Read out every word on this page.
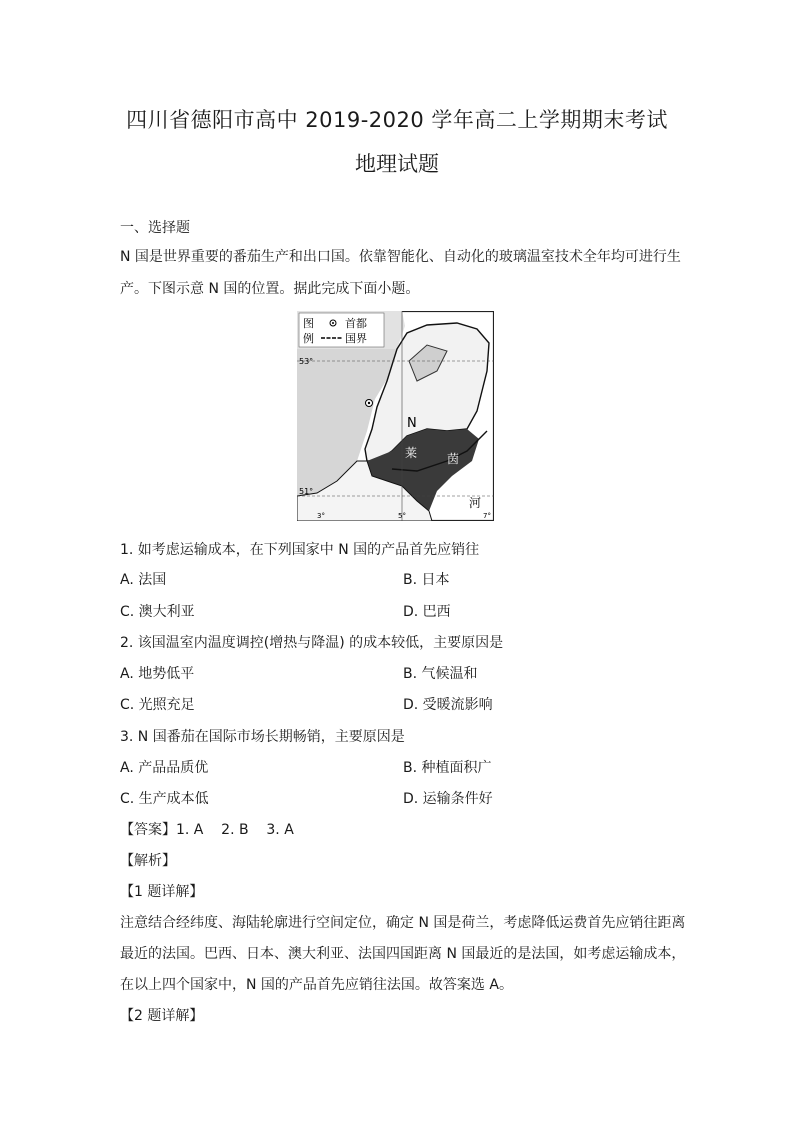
四川省德阳市高中 2019-2020 学年高二上学期期末考试
地理试题
一、选择题
N 国是世界重要的番茄生产和出口国。依靠智能化、自动化的玻璃温室技术全年均可进行生
产。下图示意 N 国的位置。据此完成下面小题。
图
例
首都
国界
53°
51°
3°	5°	7°
N
莱 茵
河
1. 如考虑运输成本，在下列国家中 N 国的产品首先应销往
A. 法国	B. 日本
C. 澳大利亚	D. 巴西
2. 该国温室内温度调控(增热与降温) 的成本较低，主要原因是
A. 地势低平	B. 气候温和
C. 光照充足	D. 受暖流影响
3. N 国番茄在国际市场长期畅销，主要原因是
A. 产品品质优	B. 种植面积广
C. 生产成本低	D. 运输条件好
【答案】1. A    2. B    3. A
【解析】
【1 题详解】
注意结合经纬度、海陆轮廓进行空间定位，确定 N 国是荷兰，考虑降低运费首先应销往距离
最近的法国。巴西、日本、澳大利亚、法国四国距离 N 国最近的是法国，如考虑运输成本，
在以上四个国家中，N 国的产品首先应销往法国。故答案选 A。
【2 题详解】
